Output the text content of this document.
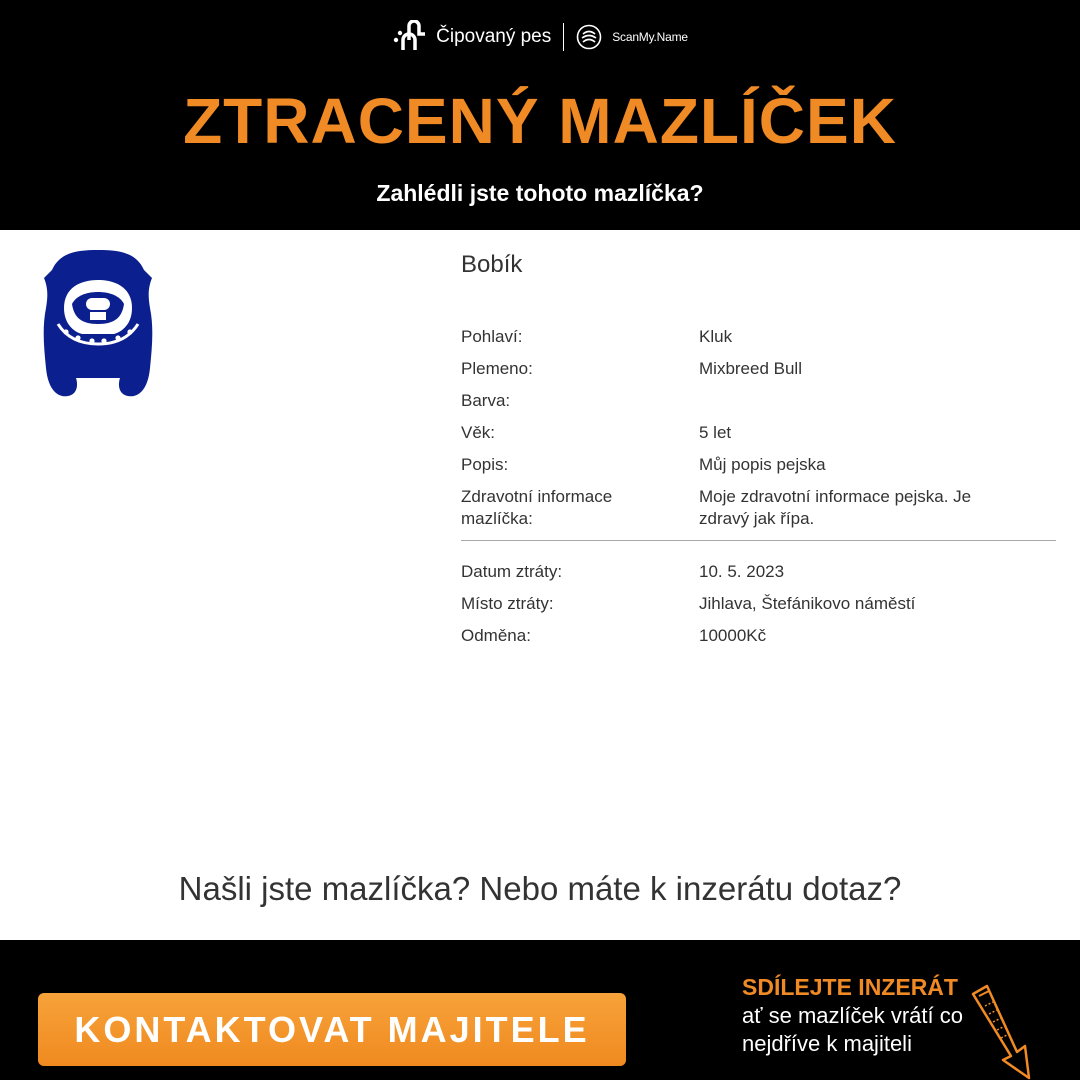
Čipovaný pes	ScanMy.Name
ZTRACENÝ MAZLÍČEK
Zahlédli jste tohoto mazlíčka?
Bobík
Pohlaví:	Kluk
Plemeno:	Mixbreed Bull
Barva:
Věk:	5 let
Popis:	Můj popis pejska
Zdravotní informace mazlíčka:
Moje zdravotní informace pejska. Je zdravý jak řípa.
Datum ztráty:	10. 5. 2023
Místo ztráty:	Jihlava, Štefánikovo náměstí
Odměna:	10000Kč
Našli jste mazlíčka? Nebo máte k inzerátu dotaz?
KONTAKTOVAT MAJITELE
SDÍLEJTE INZERÁT
ať se mazlíček vrátí co nejdříve k majiteli
